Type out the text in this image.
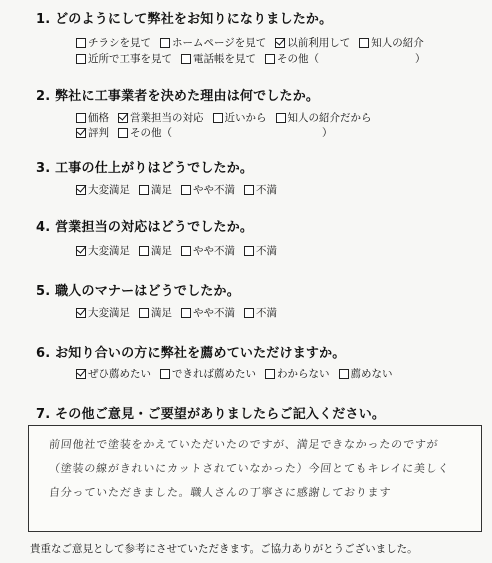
1. どのようにして弊社をお知りになりましたか。
チラシを見て ホームページを見て 以前利用して 知人の紹介
近所で工事を見て 電話帳を見て その他（	）
2. 弊社に工事業者を決めた理由は何でしたか。
価格 営業担当の対応 近いから 知人の紹介だから
評判 その他（	）
3. 工事の仕上がりはどうでしたか。
大変満足 満足 やや不満 不満
4. 営業担当の対応はどうでしたか。
大変満足 満足 やや不満 不満
5. 職人のマナーはどうでしたか。
大変満足 満足 やや不満 不満
6. お知り合いの方に弊社を薦めていただけますか。
ぜひ薦めたい できれば薦めたい わからない 薦めない
7. その他ご意見・ご要望がありましたらご記入ください。
前回他社で塗装をかえていただいたのですが、満足できなかったのですが
（塗装の線がきれいにカットされていなかった）今回とてもキレイに美しく
自分っていただきました。職人さんの丁寧さに感謝しております
貴重なご意見として参考にさせていただきます。ご協力ありがとうございました。
